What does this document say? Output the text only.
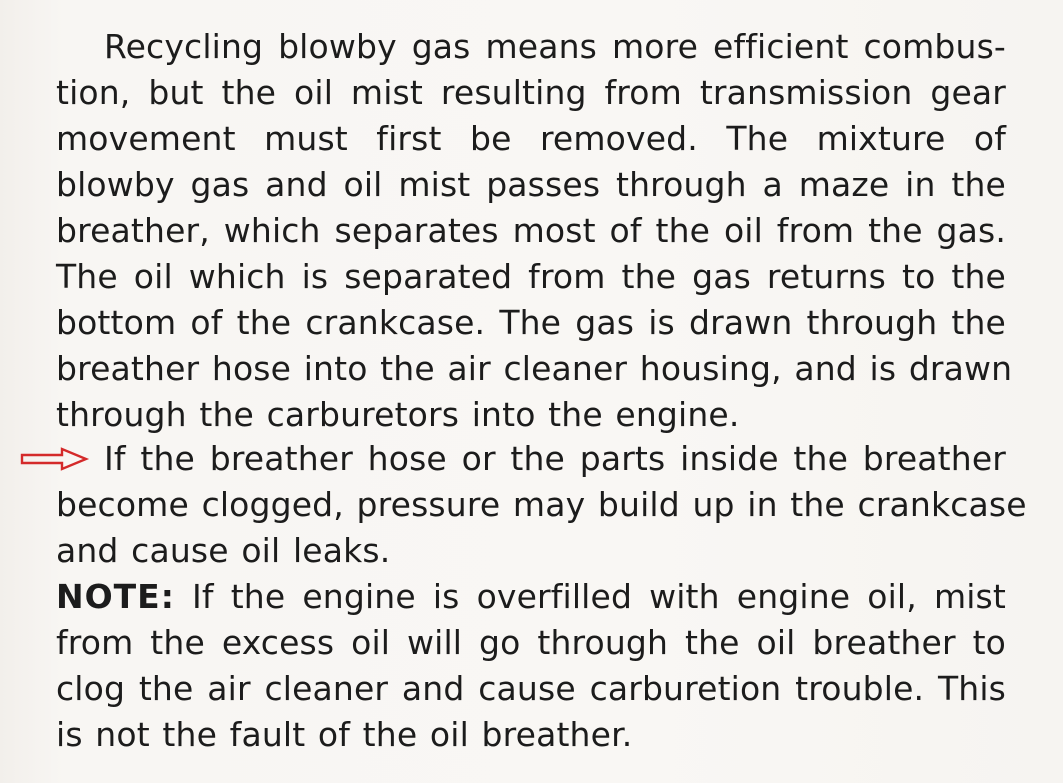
Recycling blowby gas means more efficient combus-
tion, but the oil mist resulting from transmission gear
movement must first be removed. The mixture of
blowby gas and oil mist passes through a maze in the
breather, which separates most of the oil from the gas.
The oil which is separated from the gas returns to the
bottom of the crankcase. The gas is drawn through the
breather hose into the air cleaner housing, and is drawn
through the carburetors into the engine.
If the breather hose or the parts inside the breather
become clogged, pressure may build up in the crankcase
and cause oil leaks.
NOTE: If the engine is overfilled with engine oil, mist
from the excess oil will go through the oil breather to
clog the air cleaner and cause carburetion trouble. This
is not the fault of the oil breather.
